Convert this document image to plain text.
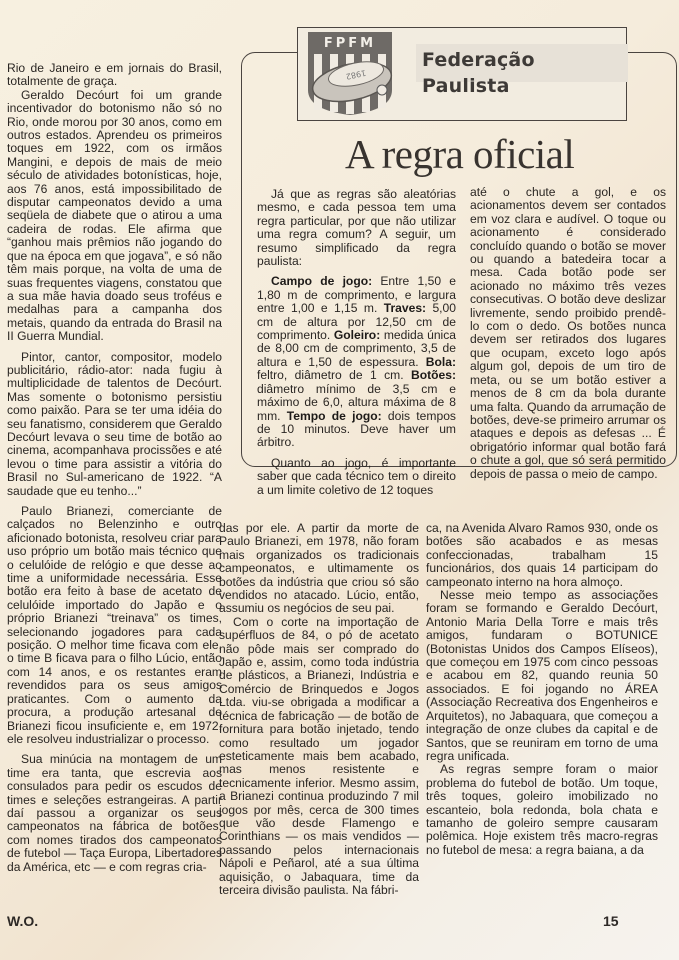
Rio de Janeiro e em jornais do Brasil, totalmente de graça.

Geraldo Decóurt foi um grande incentivador do botonismo não só no Rio, onde morou por 30 anos, como em outros estados. Aprendeu os primeiros toques em 1922, com os irmãos Mangini, e depois de mais de meio século de atividades botonísticas, hoje, aos 76 anos, está impossibilitado de disputar campeonatos devido a uma seqüela de diabete que o atirou a uma cadeira de rodas. Ele afirma que “ganhou mais prêmios não jogando do que na época em que jogava”, e só não têm mais porque, na volta de uma de suas frequentes viagens, constatou que a sua mãe havia doado seus troféus e medalhas para a campanha dos metais, quando da entrada do Brasil na II Guerra Mundial.

Pintor, cantor, compositor, modelo publicitário, rádio-ator: nada fugiu à multiplicidade de talentos de Decóurt. Mas somente o botonismo persistiu como paixão. Para se ter uma idéia do seu fanatismo, considerem que Geraldo Decóurt levava o seu time de botão ao cinema, acompanhava procissões e até levou o time para assistir a vitória do Brasil no Sul-americano de 1922. “A saudade que eu tenho...”

Paulo Brianezi, comerciante de calçados no Belenzinho e outro aficionado botonista, resolveu criar para uso próprio um botão mais técnico que o celulóide de relógio e que desse ao time a uniformidade necessária. Esse botão era feito à base de acetato de celulóide importado do Japão e o próprio Brianezi “treinava” os times, selecionando jogadores para cada posição. O melhor time ficava com ele, o time B ficava para o filho Lúcio, então com 14 anos, e os restantes eram revendidos para os seus amigos praticantes. Com o aumento da procura, a produção artesanal de Brianezi ficou insuficiente e, em 1972, ele resolveu industrializar o processo.

Sua minúcia na montagem de um time era tanta, que escrevia aos consulados para pedir os escudos de times e seleções estrangeiras. A partir daí passou a organizar os seus campeonatos na fábrica de botões, com nomes tirados dos campeonatos de futebol — Taça Europa, Libertadores da América, etc — e com regras cria-

FPFM
1982
Federação Paulista
A regra oficial

Já que as regras são aleatórias mesmo, e cada pessoa tem uma regra particular, por que não utilizar uma regra comum? A seguir, um resumo simplificado da regra paulista:

Campo de jogo: Entre 1,50 e 1,80 m de comprimento, e largura entre 1,00 e 1,15 m. Traves: 5,00 cm de altura por 12,50 cm de comprimento. Goleiro: medida única de 8,00 cm de comprimento, 3,5 de altura e 1,50 de espessura. Bola: feltro, diâmetro de 1 cm. Botões: diâmetro mínimo de 3,5 cm e máximo de 6,0, altura máxima de 8 mm. Tempo de jogo: dois tempos de 10 minutos. Deve haver um árbitro.

Quanto ao jogo, é importante saber que cada técnico tem o direito a um limite coletivo de 12 toques

até o chute a gol, e os acionamentos devem ser contados em voz clara e audível. O toque ou acionamento é considerado concluído quando o botão se mover ou quando a batedeira tocar a mesa. Cada botão pode ser acionado no máximo três vezes consecutivas. O botão deve deslizar livremente, sendo proibido prendê-lo com o dedo. Os botões nunca devem ser retirados dos lugares que ocupam, exceto logo após algum gol, depois de um tiro de meta, ou se um botão estiver a menos de 8 cm da bola durante uma falta. Quando da arrumação de botões, deve-se primeiro arrumar os ataques e depois as defesas ... É obrigatório informar qual botão fará o chute a gol, que só será permitido depois de passa o meio de campo.

das por ele. A partir da morte de Paulo Brianezi, em 1978, não foram mais organizados os tradicionais campeonatos, e ultimamente os botões da indústria que criou só são vendidos no atacado. Lúcio, então, assumiu os negócios de seu pai.

Com o corte na importação de supérfluos de 84, o pó de acetato não pôde mais ser comprado do Japão e, assim, como toda indústria de plásticos, a Brianezi, Indústria e Comércio de Brinquedos e Jogos Ltda. viu-se obrigada a modificar a técnica de fabricação — de botão de fornitura para botão injetado, tendo como resultado um jogador esteticamente mais bem acabado, mas menos resistente e tecnicamente inferior. Mesmo assim, a Brianezi continua produzindo 7 mil jogos por mês, cerca de 300 times que vão desde Flamengo e Corinthians — os mais vendidos — passando pelos internacionais Nápoli e Peñarol, até a sua última aquisição, o Jabaquara, time da terceira divisão paulista. Na fábri-

ca, na Avenida Alvaro Ramos 930, onde os botões são acabados e as mesas confeccionadas, trabalham 15 funcionários, dos quais 14 participam do campeonato interno na hora almoço.

Nesse meio tempo as associações foram se formando e Geraldo Decóurt, Antonio Maria Della Torre e mais três amigos, fundaram o BOTUNICE (Botonistas Unidos dos Campos Elíseos), que começou em 1975 com cinco pessoas e acabou em 82, quando reunia 50 associados. E foi jogando no ÁREA (Associação Recreativa dos Engenheiros e Arquitetos), no Jabaquara, que começou a integração de onze clubes da capital e de Santos, que se reuniram em torno de uma regra unificada.

As regras sempre foram o maior problema do futebol de botão. Um toque, três toques, goleiro imobilizado no escanteio, bola redonda, bola chata e tamanho de goleiro sempre causaram polêmica. Hoje existem três macro-regras no futebol de mesa: a regra baiana, a da

W.O.	15
